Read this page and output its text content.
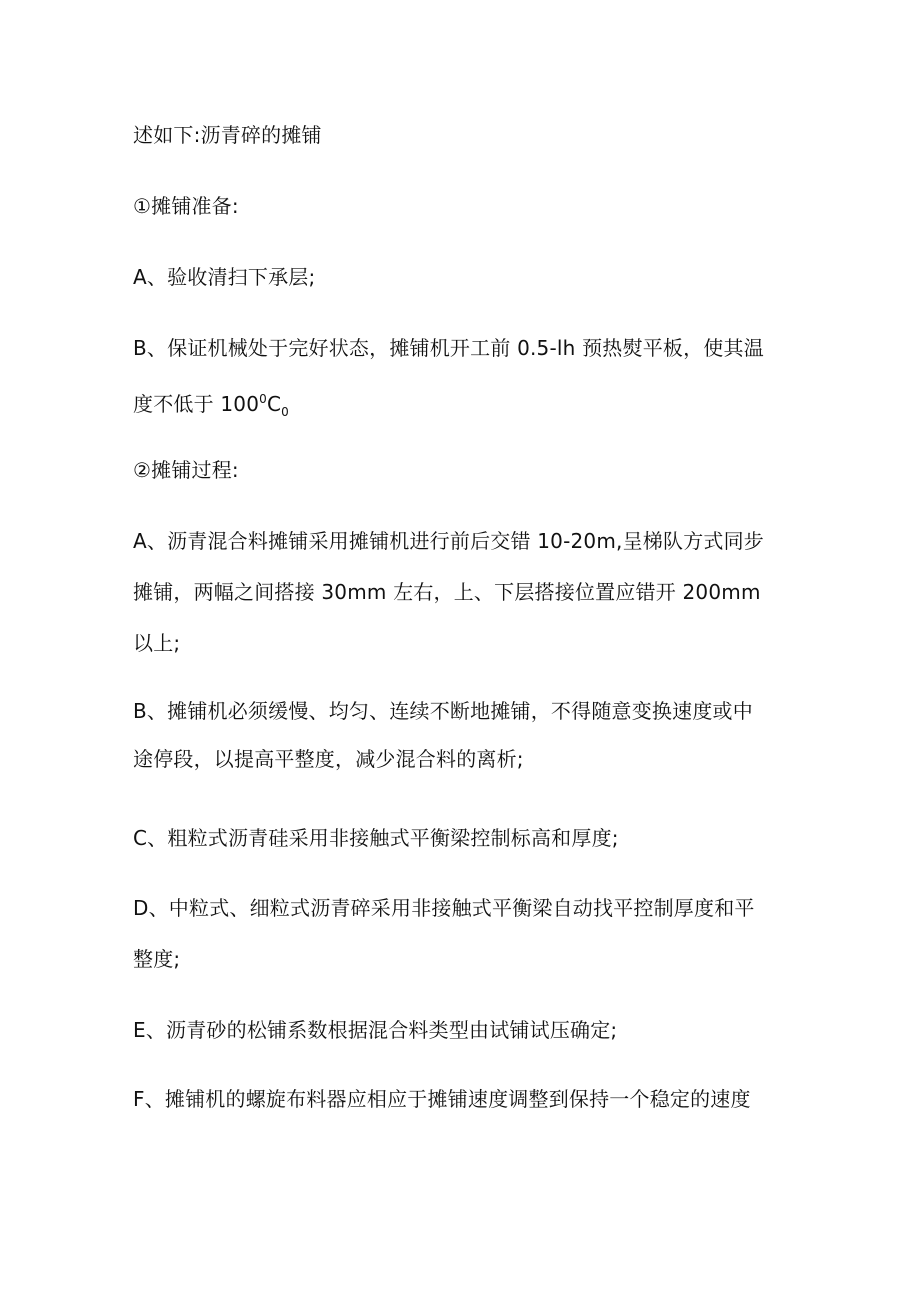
述如下:沥青碎的摊铺
①摊铺准备:
A、验收清扫下承层;
B、保证机械处于完好状态，摊铺机开工前 0.5-lh 预热熨平板，使其温
度不低于 $100^0C_0$
②摊铺过程:
A、沥青混合料摊铺采用摊铺机进行前后交错 10-20m,呈梯队方式同步
摊铺，两幅之间搭接 30mm 左右，上、下层搭接位置应错开 200mm
以上;
B、摊铺机必须缓慢、均匀、连续不断地摊铺，不得随意变换速度或中
途停段，以提高平整度，减少混合料的离析;
C、粗粒式沥青硅采用非接触式平衡梁控制标高和厚度;
D、中粒式、细粒式沥青碎采用非接触式平衡梁自动找平控制厚度和平
整度;
E、沥青砂的松铺系数根据混合料类型由试铺试压确定;
F、摊铺机的螺旋布料器应相应于摊铺速度调整到保持一个稳定的速度
